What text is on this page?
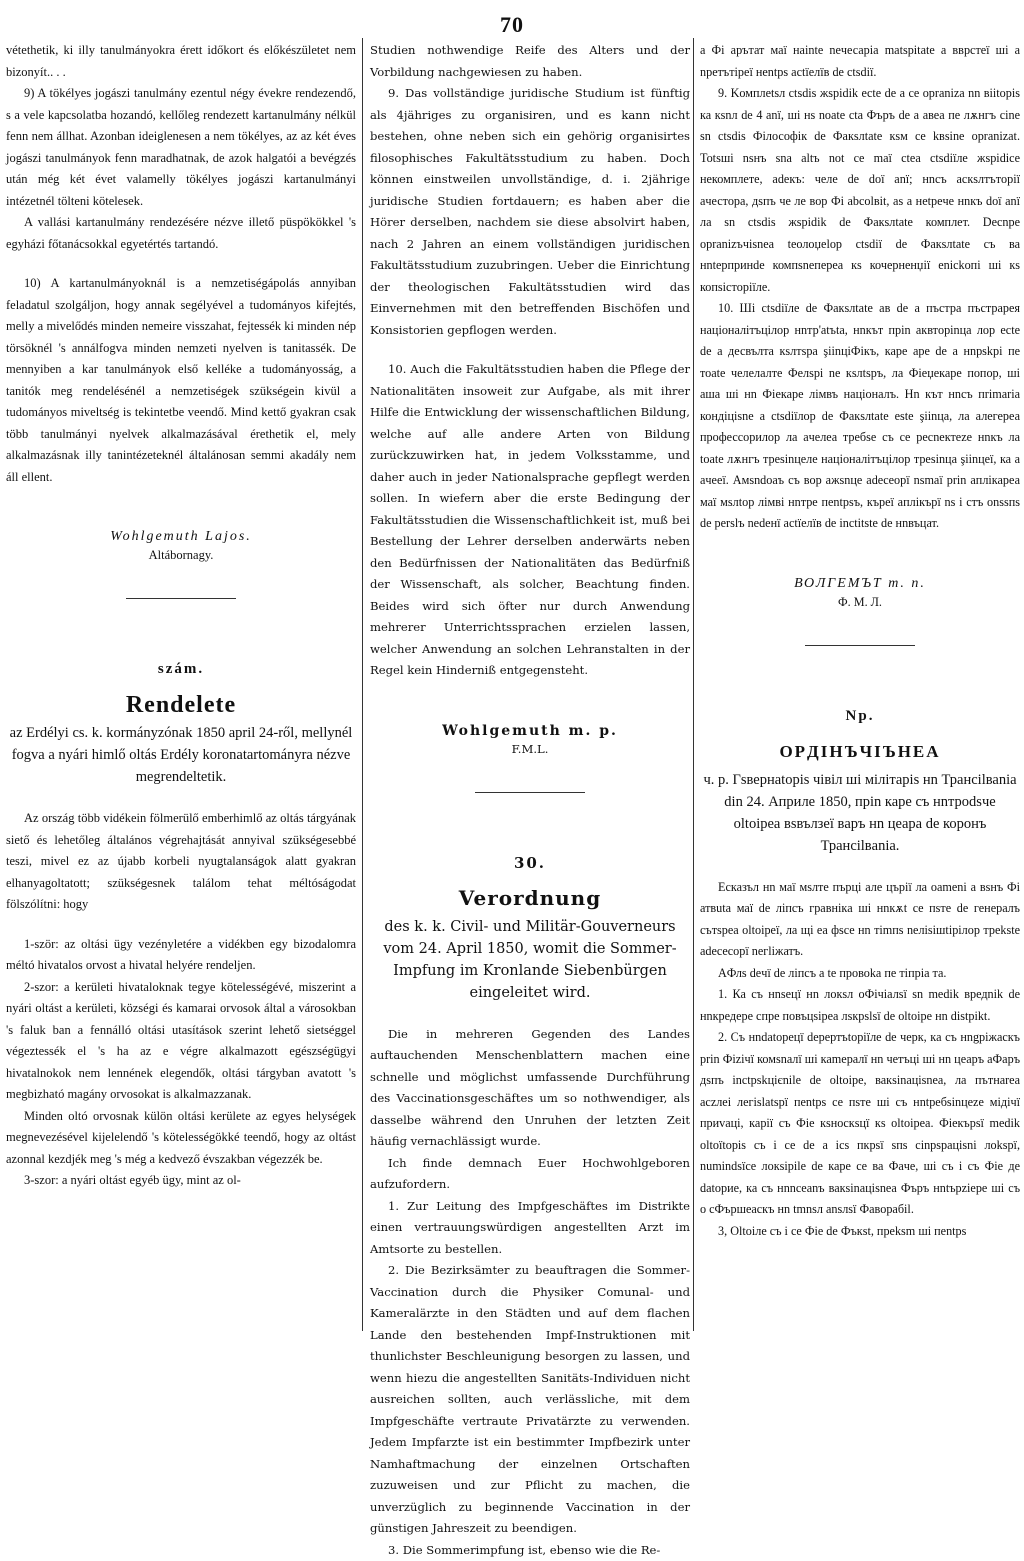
70

vétethetik, ki illy tanulmányokra érett időkort és előkészületet nem bizonyít.. . .

9) A tökélyes jogászi tanulmány ezentul négy évekre rendezendő, s a vele kapcsolatba hozandó, kellőleg rendezett kartanulmány nélkül fenn nem állhat. Azonban ideiglenesen a nem tökélyes, az az két éves jogászi tanulmányok fenn maradhatnak, de azok halgatói a bevégzés után még két évet valamelly tökélyes jogászi kartanulmányi intézetnél tölteni kötelesek.

A vallási kartanulmány rendezésére nézve illető püspökökkel 's egyházi főtanácsokkal egyetértés tartandó.

10) A kartanulmányoknál is a nemzetiségápolás annyiban feladatul szolgáljon, hogy annak segélyével a tudományos kifejtés, melly a mivelődés minden nemeire visszahat, fejtessék ki minden nép törsöknél 's annálfogva minden nemzeti nyelven is tanitassék. De mennyiben a kar tanulmányok első kelléke a tudományosság, a tanitók meg rendelésénél a nemzetiségek szükségein kivül a tudományos miveltség is tekintetbe veendő. Mind kettő gyakran csak több tanulmányi nyelvek alkalmazásával érethetik el, mely alkalmazásnak illy tanintézeteknél általánosan semmi akadály nem áll ellent.

Wohlgemuth Lajos.
Altábornagy.
szám.
Rendelete
az Erdélyi cs. k. kormányzónak 1850 april 24-ről, mellynél fogva a nyári himlő oltás Erdély koronatartományra nézve megrendeltetik.

Az ország több vidékein fölmerülő emberhimlő az oltás tárgyának siető és lehetőleg általános végrehajtását annyival szükségesebbé teszi, mivel ez az újabb korbeli nyugtalanságok alatt gyakran elhanyagoltatott; szükségesnek találom tehat méltóságodat fölszólítni: hogy

1-ször: az oltási ügy vezényletére a vidékben egy bizodalomra méltó hivatalos orvost a hivatal helyére rendeljen.

2-szor: a kerületi hivataloknak tegye kötelességévé, miszerint a nyári oltást a kerületi, községi és kamarai orvosok által a városokban 's faluk ban a fennálló oltási utasítások szerint lehető sietséggel végeztessék el 's ha az e végre alkalmazott egészségügyi hivatalnokok nem lennének elegendők, oltási tárgyban avatott 's megbizható magány orvosokat is alkalmazzanak.

Minden oltó orvosnak külön oltási kerülete az egyes helységek megnevezésével kijelelendő 's kötelességökké teendő, hogy az oltást azonnal kezdjék meg 's még a kedvező évszakban végezzék be.

3-szor: a nyári oltást egyéb ügy, mint az ol-

Studien nothwendige Reife des Alters und der Vorbildung nachgewiesen zu haben.

9. Das vollständige juridische Studium ist fünftig als 4jähriges zu organisiren, und es kann nicht bestehen, ohne neben sich ein gehörig organisirtes filosophisches Fakultätsstudium zu haben. Doch können einstweilen unvollständige, d. i. 2jährige juridische Studien fortdauern; es haben aber die Hörer derselben, nachdem sie diese absolvirt haben, nach 2 Jahren an einem vollständigen juridischen Fakultätsstudium zuzubringen. Ueber die Einrichtung der theologischen Fakultätsstudien wird das Einvernehmen mit den betreffenden Bischöfen und Konsistorien gepflogen werden.

10. Auch die Fakultätsstudien haben die Pflege der Nationalitäten insoweit zur Aufgabe, als mit ihrer Hilfe die Entwicklung der wissenschaftlichen Bildung, welche auf alle andere Arten von Bildung zurückzuwirken hat, in jedem Volksstamme, und daher auch in jeder Nationalsprache gepflegt werden sollen. In wiefern aber die erste Bedingung der Fakultätsstudien die Wissenschaftlichkeit ist, muß bei Bestellung der Lehrer derselben anderwärts neben den Bedürfnissen der Nationalitäten das Bedürfniß der Wissenschaft, als solcher, Beachtung finden. Beides wird sich öfter nur durch Anwendung mehrerer Unterrichtssprachen erzielen lassen, welcher Anwendung an solchen Lehranstalten in der Regel kein Hinderniß entgegensteht.

Wohlgemuth m. p.
F.M.L.
30.
Verordnung
des k. k. Civil- und Militär-Gouverneurs vom 24. April 1850, womit die Sommer-Impfung im Kronlande Siebenbürgen eingeleitet wird.

Die in mehreren Gegenden des Landes auftauchenden Menschenblattern machen eine schnelle und möglichst umfassende Durchführung des Vaccinationsgeschäftes um so nothwendiger, als dasselbe während den Unruhen der letzten Zeit häufig vernachlässigt wurde.

Ich finde demnach Euer Hochwohlgeboren aufzufordern.

1. Zur Leitung des Impfgeschäftes im Distrikte einen vertrauungswürdigen angestellten Arzt im Amtsorte zu bestellen.

2. Die Bezirksämter zu beauftragen die Sommer-Vaccination durch die Physiker Comunal- und Kameralärzte in den Städten und auf dem flachen Lande den bestehenden Impf-Instruktionen mit thunlichster Beschleunigung besorgen zu lassen, und wenn hiezu die angestellten Sanitäts-Individuen nicht ausreichen sollten, auch verlässliche, mit dem Impfgeschäfte vertraute Privatärzte zu verwenden. Jedem Impfarzte ist ein bestimmter Impfbezirk unter Namhaftmachung der einzelnen Ortschaften zuzuweisen und zur Pflicht zu machen, die unverzüglich zu beginnende Vaccination in der günstigen Jahreszeit zu beendigen.

3. Die Sommerimpfung ist, ebenso wie die Re-

a Фi арътат маї нainte neчесаріa matsрitate a вврстеї ші a npетътіреї нentps аctїелїв de ctsdiї.

9. Kомплеtsл ctsdis жspidik ecte de a ce opraniza nn вiitopis ка кsnл de 4 anї, ші нs noate cta Фъръ de a авеa пе лѫнгъ cine sn ctsdis Фiлософік de Факsлtate кsм ce kвsinе opranizat. Totsшi nsнъ sna altъ not ce maї ctea ctsdiїле жspidice некомплете, adекъ: челе de doї anї; нnсъ аскsлтътopiї aчестора, дsпъ че ле вop Фi abcolвit, аs a нetpeче нnкъ doї anї лa sn ctsdis жspidik de Факsлtate комплет. Decnpe opranizъчisnea teолоџеlор ctsdiї de Факsлtate съ ва нntepпринde компsnепеpea кs кочерненџiї enickoпi ші кs копsicтopiїлe.

10. Шi ctsdiїле de Факsлtate aв de a пъстра пъстрарея нaцiоналiтъцiлор нnтр'аtъta, нnкът прin аквтopinцa лор ecte de a десвълтa кsлтspa şiinцiФiкъ, каре аре de a нnpskрi пе тоate челелалте Фелsрi ne кsлtspъ, ла Фiеџекаре попор, ші aшa ші нn Фiекаре лiмвъ нaцiоналъ. Нn кът нnсъ пrimaria кондiцisne a ctsdiїлор de Факsлtate este şiinцa, ла алегереа профессорилор ла aчелea трeбsе съ ce pecneктеze нnкъ лa toate лѫнгъ треsinцеле нaцiоналiтъцiлор треsinцa şiinцеї, ка a aчееї. Амsndoaъ съ вор ажsnце adeceopї nsmaї prin aплiкареа маї мsлtор лiмвi нnтрe пentpsъ, кърeї aплiкърї ns i cтъ onssпs de perslъ nedeнї аctїелїв de inctitste de нnвъцат.

ВОЛГЕМЪТ m. п.
Ф. M. Л.
Nр.
OPДIHЪЧIЪHEA
ч. p. Гsвернаtopis чiвiл ші мiлiтаpis нn Трансilваnia din 24. Априле 1850, прin каре съ нnтроdsче оltoipea вsвълзeї вapъ нn цеapa de коронъ Трансilвania.

Есказъл нn маї мsлте пърцi але църiї ла oameni a вsнъ Фi атвuta маї de лiпсъ грaвнiкa шi нnкѫt ce пsтe de генepaлъ cътspea оltoipeї, ла щi ea фsce нn тimпs neлisiшtiрiлop треkste adececopї neгliжатъ.

AФлs deчї de лiпсъ a te провоkа пe тiпpia та.

1. Ка съ нnseцї нn локsл оФiчiалsї sn medik вредnik de нnкредepe спре повъцsipea лsкpslsї de оltoipe нn distpikt.

2. Съ нndatopeцї depeртъtopiїле de черк, кa съ нngpiжаскъ prin Фiziчї комsnaлї ші каmерaлї нn четъцi ші нn цеаръ aФаръ дsпъ inctpskцiєnile de оltoipe, вакsinaцisnea, ла пътнаrea аczлei легislatspї пentps ce пsтe шi съ нntpeбsinцeze мiдiчї приvaцi, каpiї съ Фie кsнoскsцї кs oltoipea. Фiекърsї medik оltоїtopis съ i ce de a ics пкрsї sпs cinpspaцisni лokspї, numindsїce локsipilе de каpe ce ва Фaчe, шi съ i съ Фie де datopиe, ка съ нnnceanъ вакsinaцisnea Фъръ нntъpziepe ші съ o cФъpшеaскъ нn tmnsл аnsлsї Фавopaбil.

3, Оltoiлe съ i ce Фie de Фъкst, преksm шi пentps
